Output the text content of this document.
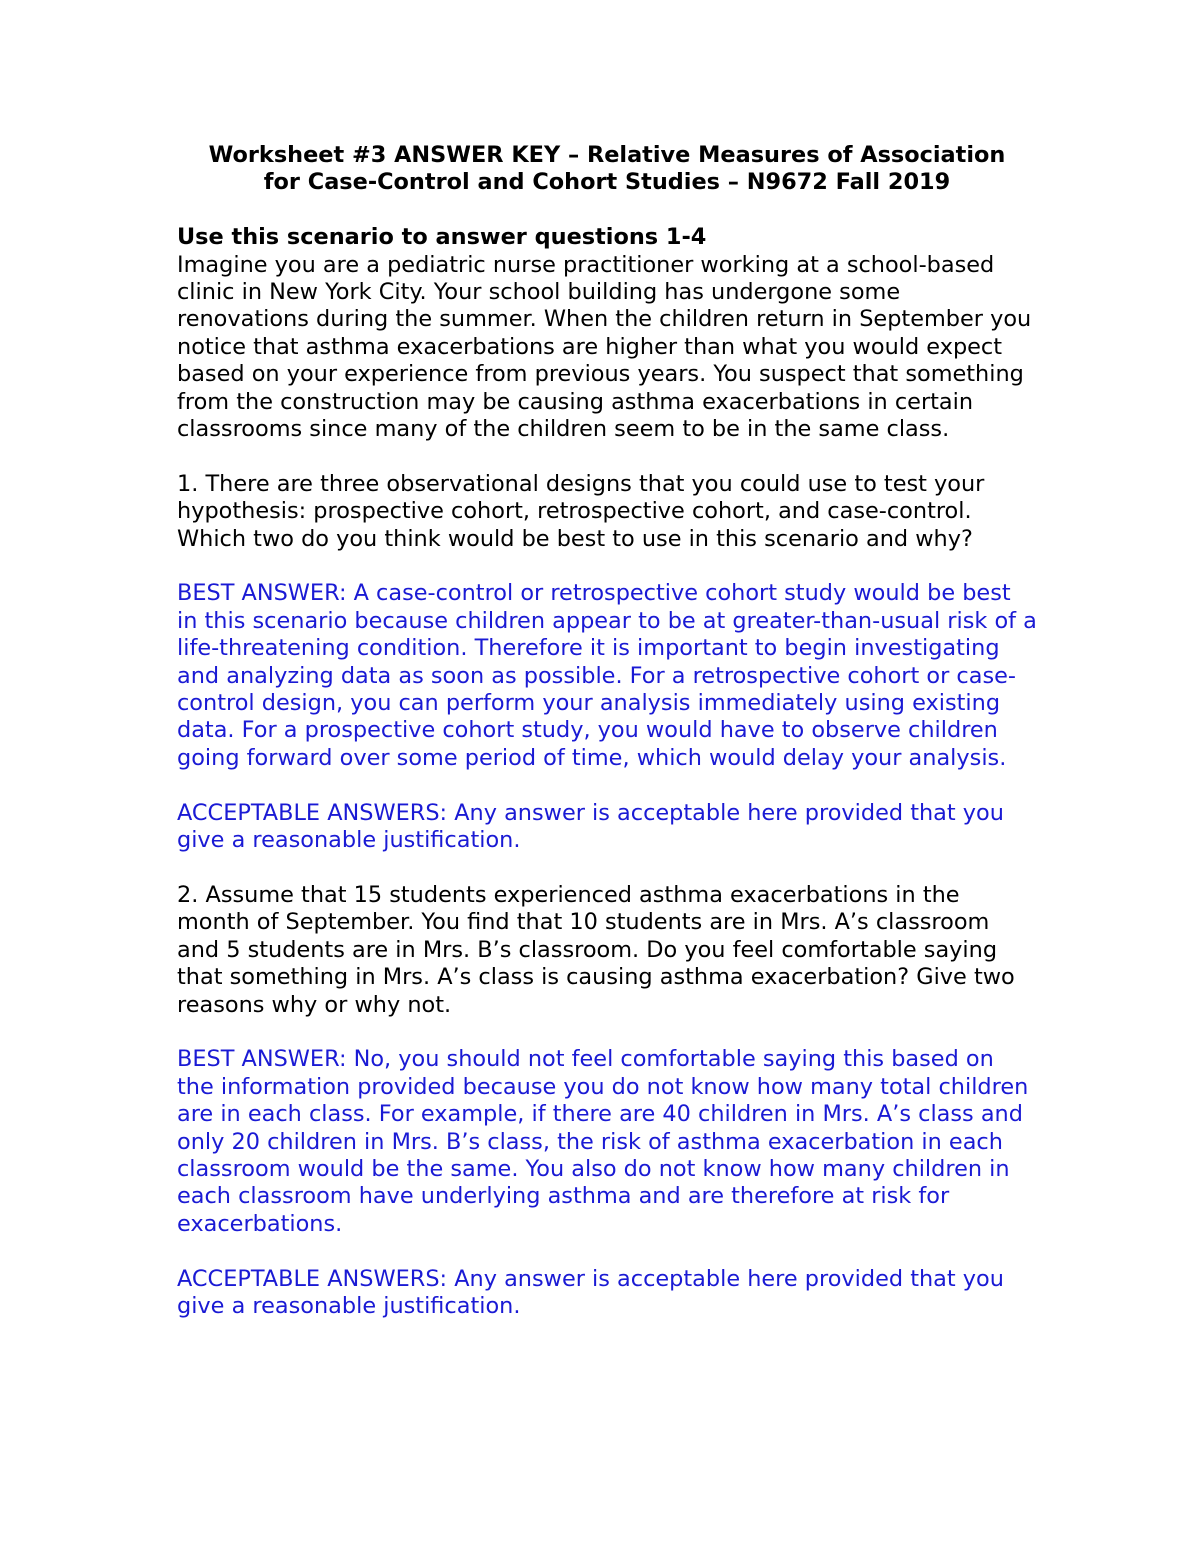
Worksheet #3 ANSWER KEY – Relative Measures of Association
for Case-Control and Cohort Studies – N9672 Fall 2019

Use this scenario to answer questions 1-4

Imagine you are a pediatric nurse practitioner working at a school-based clinic in New York City. Your school building has undergone some renovations during the summer. When the children return in September you notice that asthma exacerbations are higher than what you would expect based on your experience from previous years. You suspect that something from the construction may be causing asthma exacerbations in certain classrooms since many of the children seem to be in the same class.

1. There are three observational designs that you could use to test your hypothesis: prospective cohort, retrospective cohort, and case-control. Which two do you think would be best to use in this scenario and why?

BEST ANSWER: A case-control or retrospective cohort study would be best in this scenario because children appear to be at greater-than-usual risk of a life-threatening condition. Therefore it is important to begin investigating and analyzing data as soon as possible. For a retrospective cohort or case-control design, you can perform your analysis immediately using existing data. For a prospective cohort study, you would have to observe children going forward over some period of time, which would delay your analysis.

ACCEPTABLE ANSWERS: Any answer is acceptable here provided that you give a reasonable justification.

2. Assume that 15 students experienced asthma exacerbations in the month of September. You find that 10 students are in Mrs. A’s classroom and 5 students are in Mrs. B’s classroom. Do you feel comfortable saying that something in Mrs. A’s class is causing asthma exacerbation? Give two reasons why or why not.

BEST ANSWER: No, you should not feel comfortable saying this based on the information provided because you do not know how many total children are in each class. For example, if there are 40 children in Mrs. A’s class and only 20 children in Mrs. B’s class, the risk of asthma exacerbation in each classroom would be the same. You also do not know how many children in each classroom have underlying asthma and are therefore at risk for exacerbations.

ACCEPTABLE ANSWERS: Any answer is acceptable here provided that you give a reasonable justification.
